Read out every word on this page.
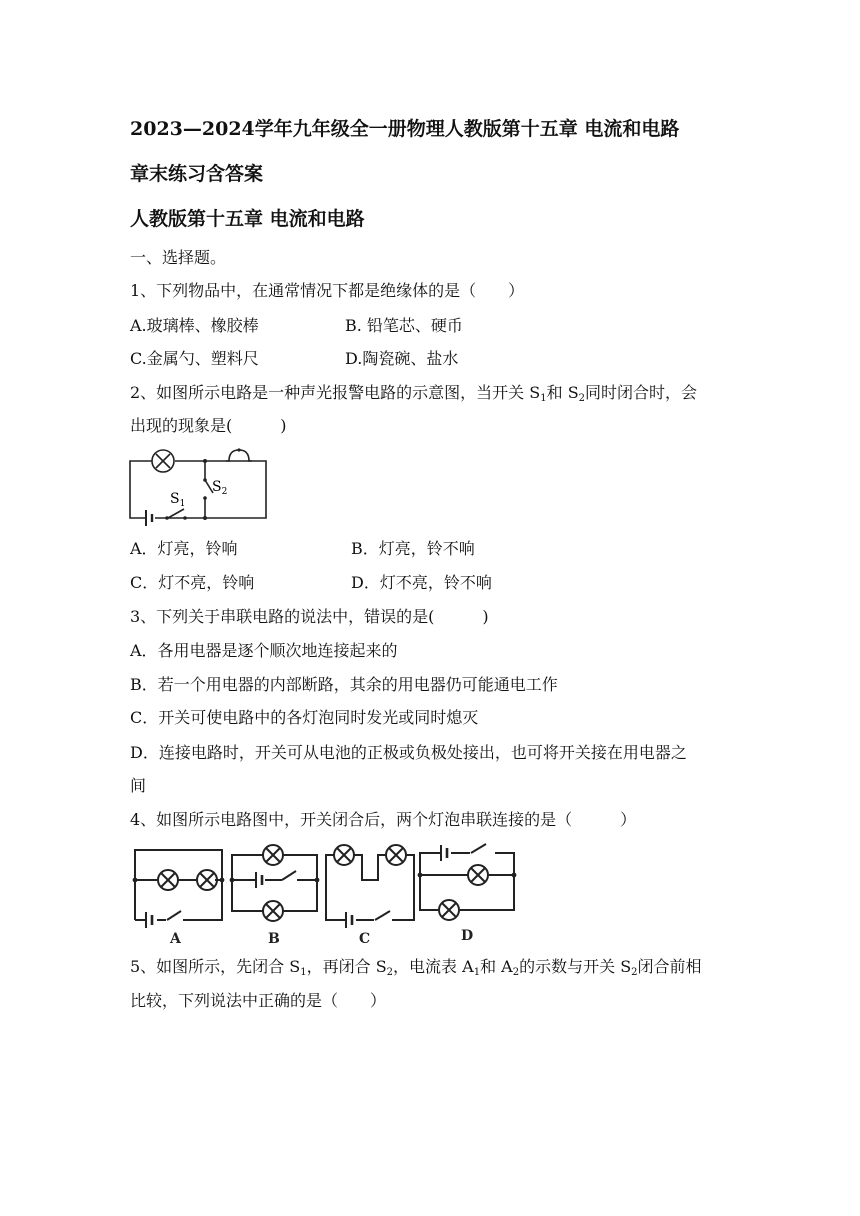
2023—2024学年九年级全一册物理人教版第十五章 电流和电路
章末练习含答案
人教版第十五章 电流和电路
一、选择题。
1、下列物品中，在通常情况下都是绝缘体的是（　　）
A.玻璃棒、橡胶棒	B. 铅笔芯、硬币
C.金属勺、塑料尺	D.陶瓷碗、盐水
2、如图所示电路是一种声光报警电路的示意图，当开关 $S_1$和 $S_2$同时闭合时，会
出现的现象是(　　　)
$S_2$
$S_1$
A．灯亮，铃响	B．灯亮，铃不响
C．灯不亮，铃响	D．灯不亮，铃不响
3、下列关于串联电路的说法中，错误的是(　　　)
A．各用电器是逐个顺次地连接起来的
B．若一个用电器的内部断路，其余的用电器仍可能通电工作
C．开关可使电路中的各灯泡同时发光或同时熄灭
D．连接电路时，开关可从电池的正极或负极处接出，也可将开关接在用电器之
间
4、如图所示电路图中，开关闭合后，两个灯泡串联连接的是（　　　）
A	B	C	D
5、如图所示，先闭合 $S_1$，再闭合 $S_2$，电流表 $A_1$和 $A_2$的示数与开关 $S_2$闭合前相
比较，下列说法中正确的是（　　）
